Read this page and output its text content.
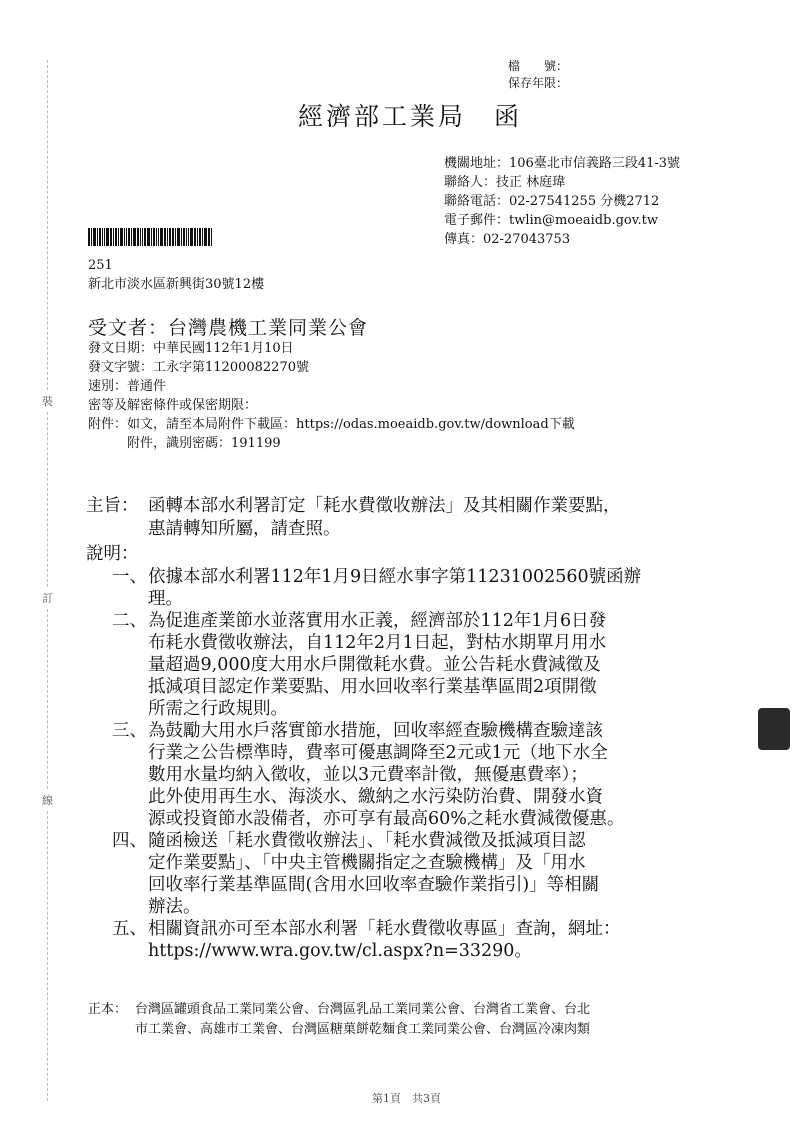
裝
訂
線
檔　　號：
保存年限：
經濟部工業局　函
機關地址：106臺北市信義路三段41-3號
聯絡人：技正 林庭瑋
聯絡電話：02-27541255 分機2712
電子郵件：twlin@moeaidb.gov.tw
傳真：02-27043753
251
新北市淡水區新興街30號12樓
受文者：台灣農機工業同業公會
發文日期：中華民國112年1月10日
發文字號：工永字第11200082270號
速別：普通件
密等及解密條件或保密期限：
附件：如文，請至本局附件下載區：https://odas.moeaidb.gov.tw/download下載
附件，識別密碼：191199
主旨： 函轉本部水利署訂定「耗水費徵收辦法」及其相關作業要點，
惠請轉知所屬，請查照。
說明：
一、 依據本部水利署112年1月9日經水事字第11231002560號函辦
理。
二、 為促進產業節水並落實用水正義，經濟部於112年1月6日發
布耗水費徵收辦法，自112年2月1日起，對枯水期單月用水
量超過9,000度大用水戶開徵耗水費。並公告耗水費減徵及
抵減項目認定作業要點、用水回收率行業基準區間2項開徵
所需之行政規則。
三、 為鼓勵大用水戶落實節水措施，回收率經查驗機構查驗達該
行業之公告標準時，費率可優惠調降至2元或1元（地下水全
數用水量均納入徵收，並以3元費率計徵，無優惠費率）；
此外使用再生水、海淡水、繳納之水污染防治費、開發水資
源或投資節水設備者，亦可享有最高60%之耗水費減徵優惠。
四、 隨函檢送「耗水費徵收辦法」、「耗水費減徵及抵減項目認
定作業要點」、「中央主管機關指定之查驗機構」及「用水
回收率行業基準區間(含用水回收率查驗作業指引)」等相關
辦法。
五、 相關資訊亦可至本部水利署「耗水費徵收專區」查詢，網址：
https://www.wra.gov.tw/cl.aspx?n=33290。
正本： 台灣區罐頭食品工業同業公會、台灣區乳品工業同業公會、台灣省工業會、台北
市工業會、高雄市工業會、台灣區糖菓餅乾麵食工業同業公會、台灣區冷凍肉類
第1頁　共3頁
